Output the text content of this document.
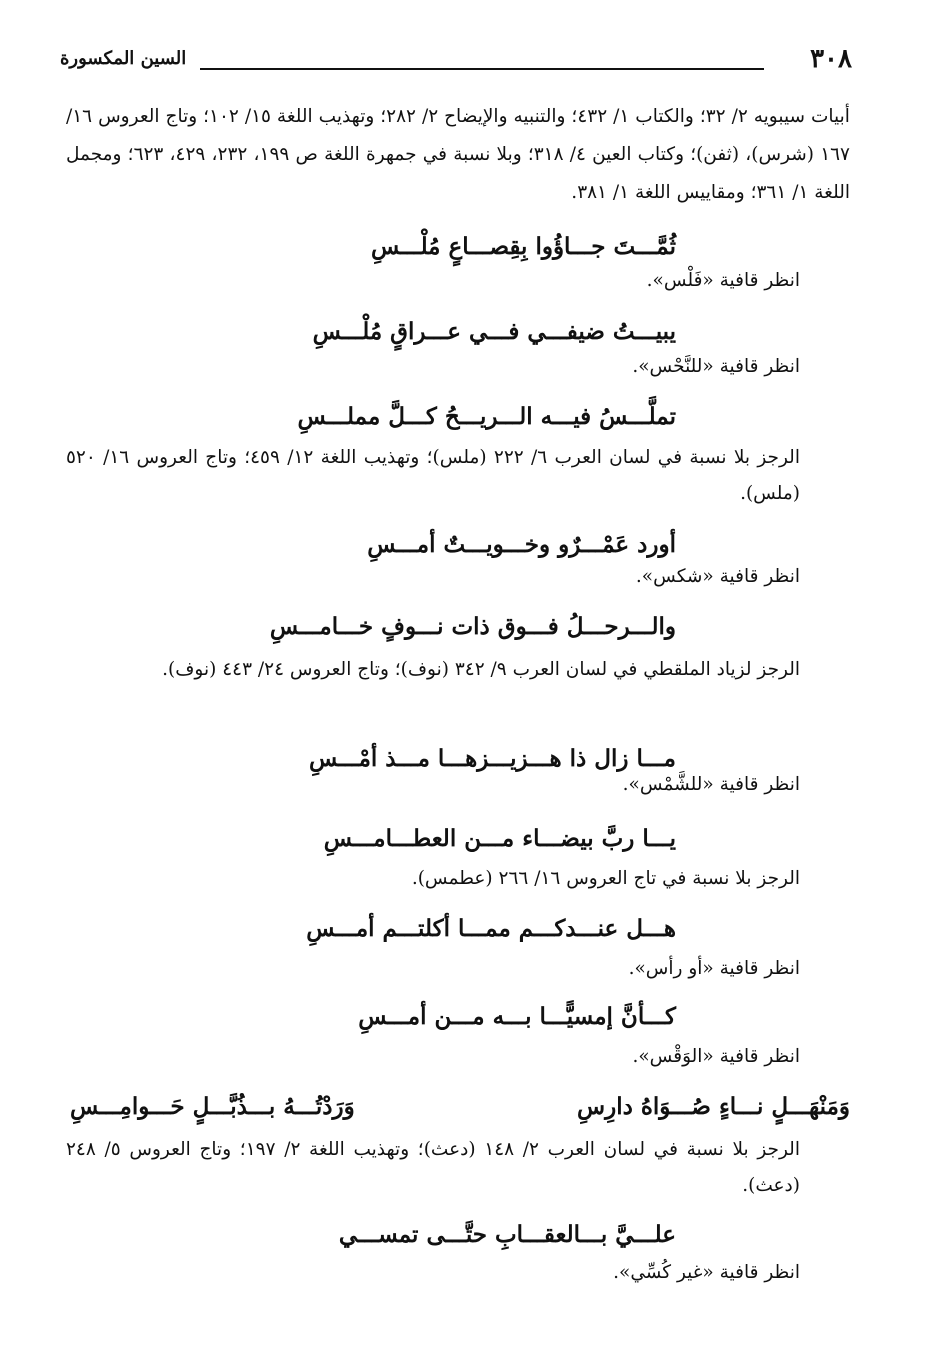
٣٠٨
السين المكسورة
أبيات سيبويه ٢/ ٣٢؛ والكتاب ١/ ٤٣٢؛ والتنبيه والإيضاح ٢/ ٢٨٢؛ وتهذيب اللغة ١٥/ ١٠٢؛ وتاج العروس ١٦/ ١٦٧ (شرس)، (ثفن)؛ وكتاب العين ٤/ ٣١٨؛ وبلا نسبة في جمهرة اللغة ص ١٩٩، ٢٣٢، ٤٢٩، ٦٢٣؛ ومجمل اللغة ١/ ٣٦١؛ ومقاييس اللغة ١/ ٣٨١.
ثُمَّـــتَ جـــاؤُوا بِقِصـــاعٍ مُلْـــسِ
انظر قافية «فَلْس».
يبيـــتُ ضيفـــي فـــي عـــراقٍ مُلْـــسِ
انظر قافية «للنَّحْس».
تملَّـــسُ فيـــه الـــريـــحُ كـــلَّ مملـــسِ
الرجز بلا نسبة في لسان العرب ٦/ ٢٢٢ (ملس)؛ وتهذيب اللغة ١٢/ ٤٥٩؛ وتاج العروس ١٦/ ٥٢٠ (ملس).
أورد عَمْـــرٌو وخـــويـــتٌ أمـــسِ
انظر قافية «شكس».
والـــرحـــلُ فـــوق ذات نـــوفٍ خـــامـــسِ
الرجز لزياد الملقطي في لسان العرب ٩/ ٣٤٢ (نوف)؛ وتاج العروس ٢٤/ ٤٤٣ (نوف).
مـــا زال ذا هـــزيـــزهـــا مـــذ أمْـــسِ
انظر قافية «للشَّمْس».
يـــا ربَّ بيضـــاء مـــن العطـــامـــسِ
الرجز بلا نسبة في تاج العروس ١٦/ ٢٦٦ (عطمس).
هـــل عنـــدكـــم ممـــا أكلتـــم أمـــسِ
انظر قافية «أو رأس».
كـــأنَّ إمسيًّـــا بـــه مـــن أمـــسِ
انظر قافية «الوَقْس».
وَمَنْهَـــلٍ نـــاءٍ صُـــوَاهُ دارِسِ
وَرَدْتُـــهُ بـــذُبَّـــلٍ حَـــوامِـــسِ
الرجز بلا نسبة في لسان العرب ٢/ ١٤٨ (دعث)؛ وتهذيب اللغة ٢/ ١٩٧؛ وتاج العروس ٥/ ٢٤٨ (دعث).
علـــيَّ بـــالعقـــابِ حتَّـــى تمســـي
انظر قافية «غير كُسِّي».
